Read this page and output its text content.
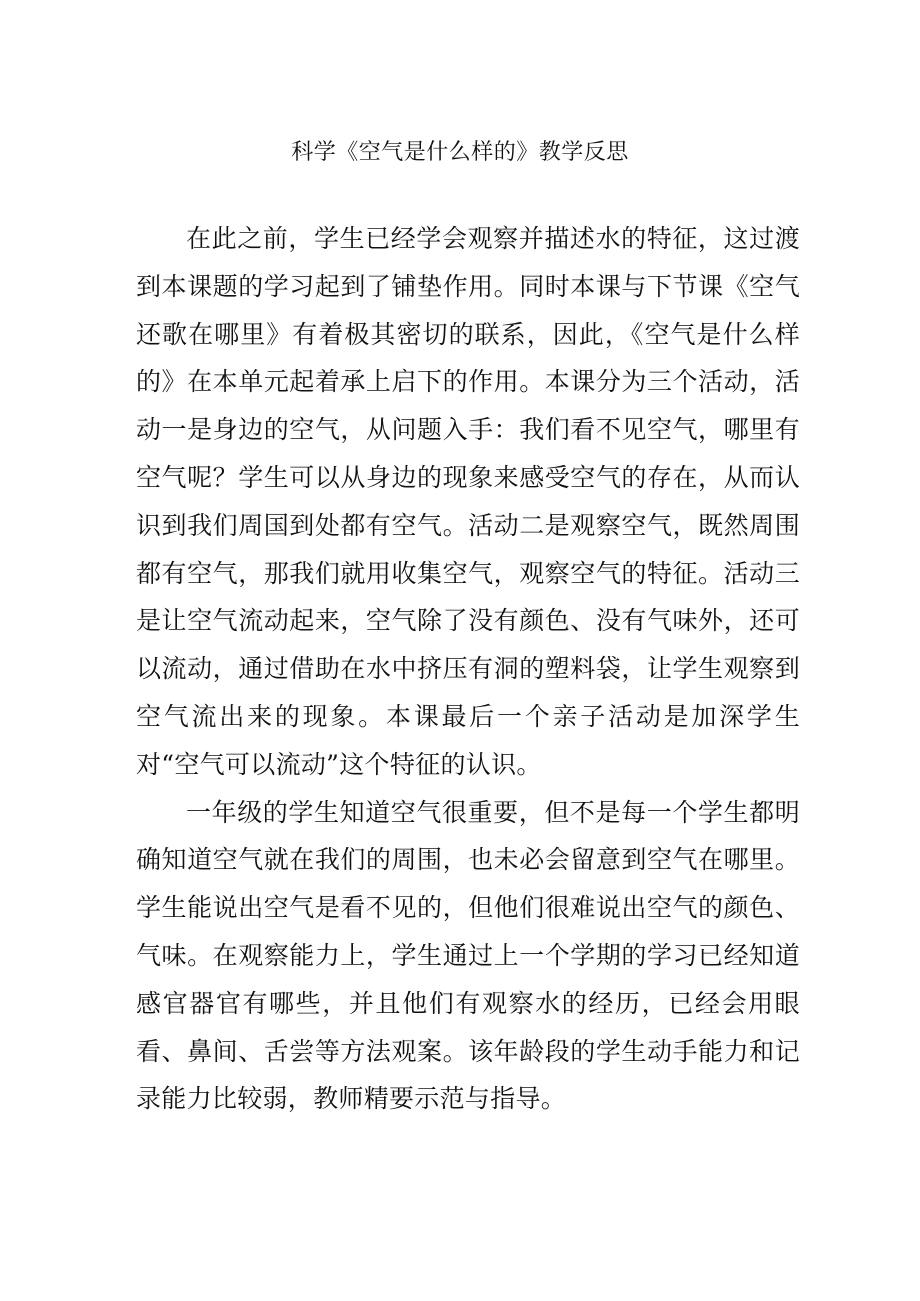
科学《空气是什么样的》教学反思

在此之前，学生已经学会观察并描述水的特征，这过渡到本课题的学习起到了铺垫作用。同时本课与下节课《空气还歌在哪里》有着极其密切的联系，因此，《空气是什么样的》在本单元起着承上启下的作用。本课分为三个活动，活动一是身边的空气，从问题入手：我们看不见空气，哪里有空气呢？学生可以从身边的现象来感受空气的存在，从而认识到我们周国到处都有空气。活动二是观察空气，既然周围都有空气，那我们就用收集空气，观察空气的特征。活动三是让空气流动起来，空气除了没有颜色、没有气味外，还可以流动，通过借助在水中挤压有洞的塑料袋，让学生观察到空气流出来的现象。本课最后一个亲子活动是加深学生对“空气可以流动”这个特征的认识。

一年级的学生知道空气很重要，但不是每一个学生都明确知道空气就在我们的周围，也未必会留意到空气在哪里。学生能说出空气是看不见的，但他们很难说出空气的颜色、气味。在观察能力上，学生通过上一个学期的学习已经知道感官器官有哪些，并且他们有观察水的经历，已经会用眼看、鼻间、舌尝等方法观案。该年龄段的学生动手能力和记录能力比较弱，教师精要示范与指导。
